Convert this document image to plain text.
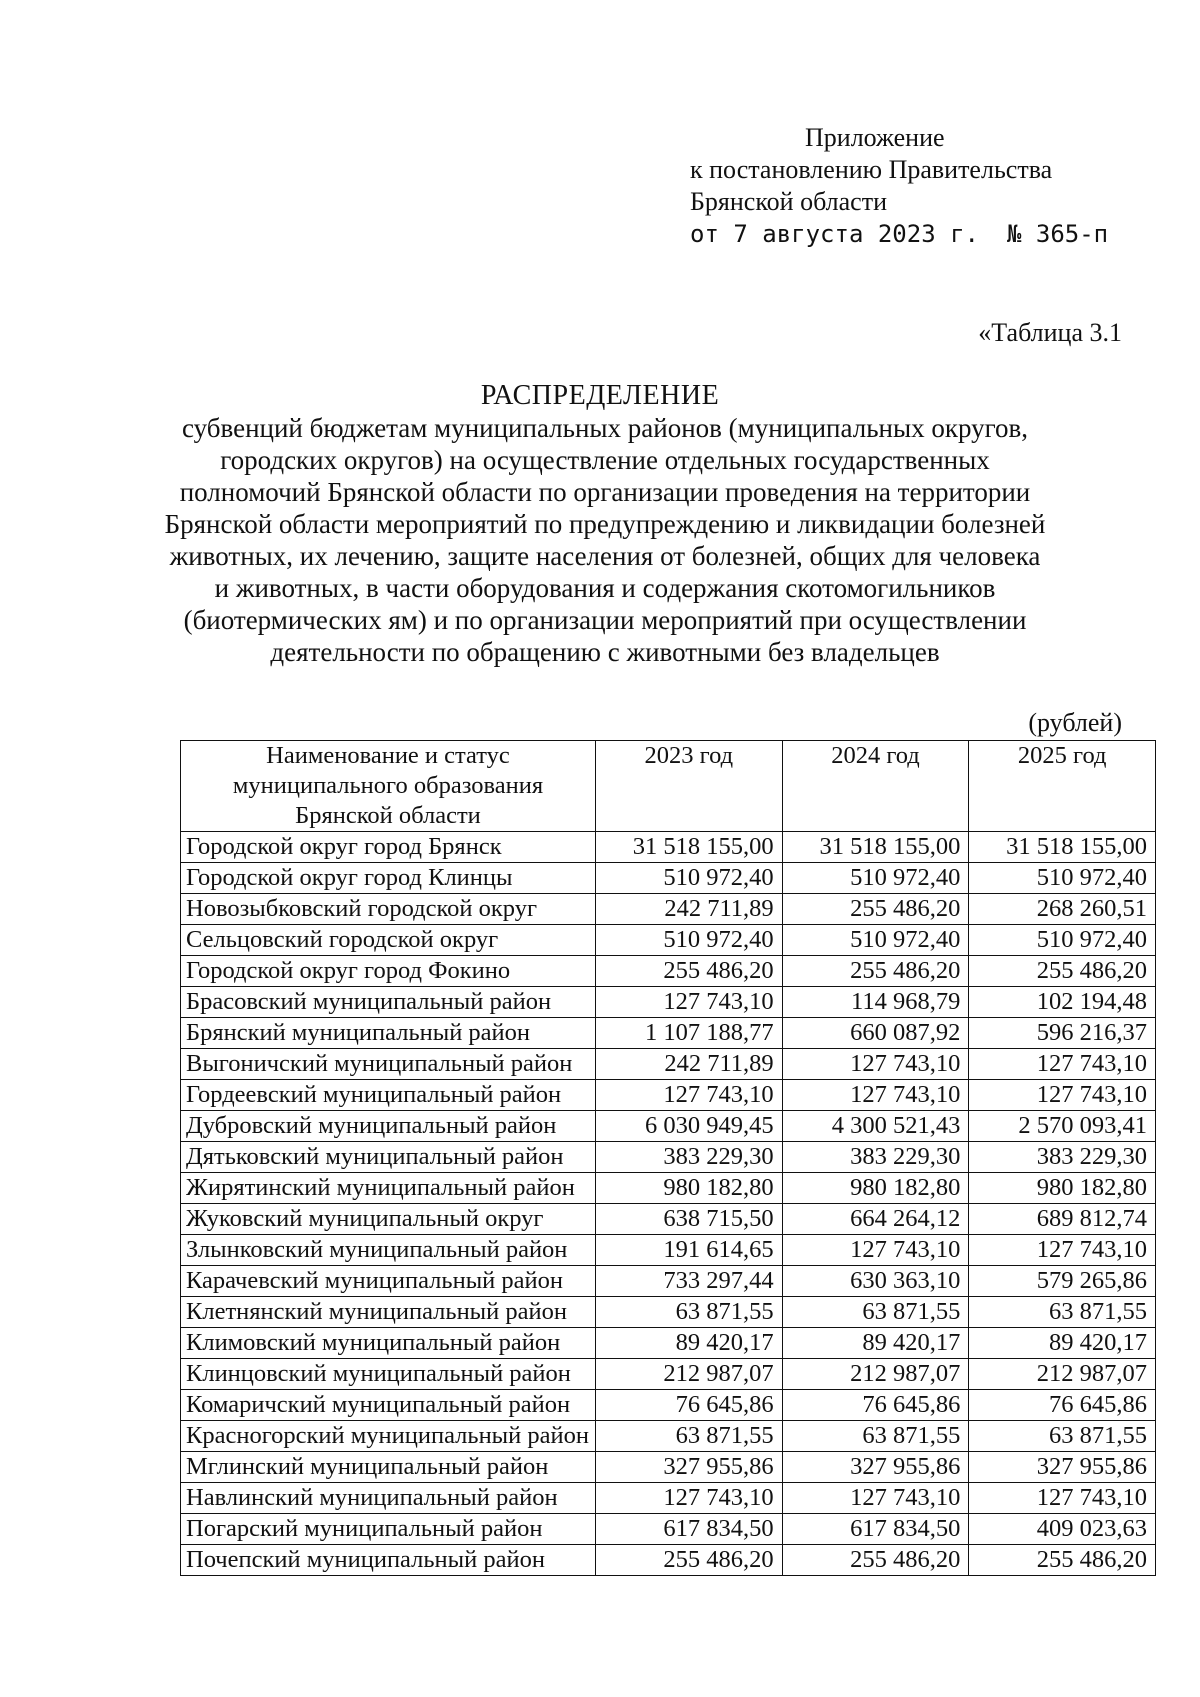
Приложение
к постановлению Правительства
Брянской области
от 7 августа 2023 г. № 365-п
«Таблица 3.1
РАСПРЕДЕЛЕНИЕ
субвенций бюджетам муниципальных районов (муниципальных округов,
городских округов) на осуществление отдельных государственных
полномочий Брянской области по организации проведения на территории
Брянской области мероприятий по предупреждению и ликвидации болезней
животных, их лечению, защите населения от болезней, общих для человека
и животных, в части оборудования и содержания скотомогильников
(биотермических ям) и по организации мероприятий при осуществлении
деятельности по обращению с животными без владельцев
(рублей)
Наименование и статус
муниципального образования
Брянской области	2023 год	2024 год	2025 год
Городской округ город Брянск	31 518 155,00	31 518 155,00	31 518 155,00
Городской округ город Клинцы	510 972,40	510 972,40	510 972,40
Новозыбковский городской округ	242 711,89	255 486,20	268 260,51
Сельцовский городской округ	510 972,40	510 972,40	510 972,40
Городской округ город Фокино	255 486,20	255 486,20	255 486,20
Брасовский муниципальный район	127 743,10	114 968,79	102 194,48
Брянский муниципальный район	1 107 188,77	660 087,92	596 216,37
Выгоничский муниципальный район	242 711,89	127 743,10	127 743,10
Гордеевский муниципальный район	127 743,10	127 743,10	127 743,10
Дубровский муниципальный район	6 030 949,45	4 300 521,43	2 570 093,41
Дятьковский муниципальный район	383 229,30	383 229,30	383 229,30
Жирятинский муниципальный район	980 182,80	980 182,80	980 182,80
Жуковский муниципальный округ	638 715,50	664 264,12	689 812,74
Злынковский муниципальный район	191 614,65	127 743,10	127 743,10
Карачевский муниципальный район	733 297,44	630 363,10	579 265,86
Клетнянский муниципальный район	63 871,55	63 871,55	63 871,55
Климовский муниципальный район	89 420,17	89 420,17	89 420,17
Клинцовский муниципальный район	212 987,07	212 987,07	212 987,07
Комаричский муниципальный район	76 645,86	76 645,86	76 645,86
Красногорский муниципальный район	63 871,55	63 871,55	63 871,55
Мглинский муниципальный район	327 955,86	327 955,86	327 955,86
Навлинский муниципальный район	127 743,10	127 743,10	127 743,10
Погарский муниципальный район	617 834,50	617 834,50	409 023,63
Почепский муниципальный район	255 486,20	255 486,20	255 486,20
